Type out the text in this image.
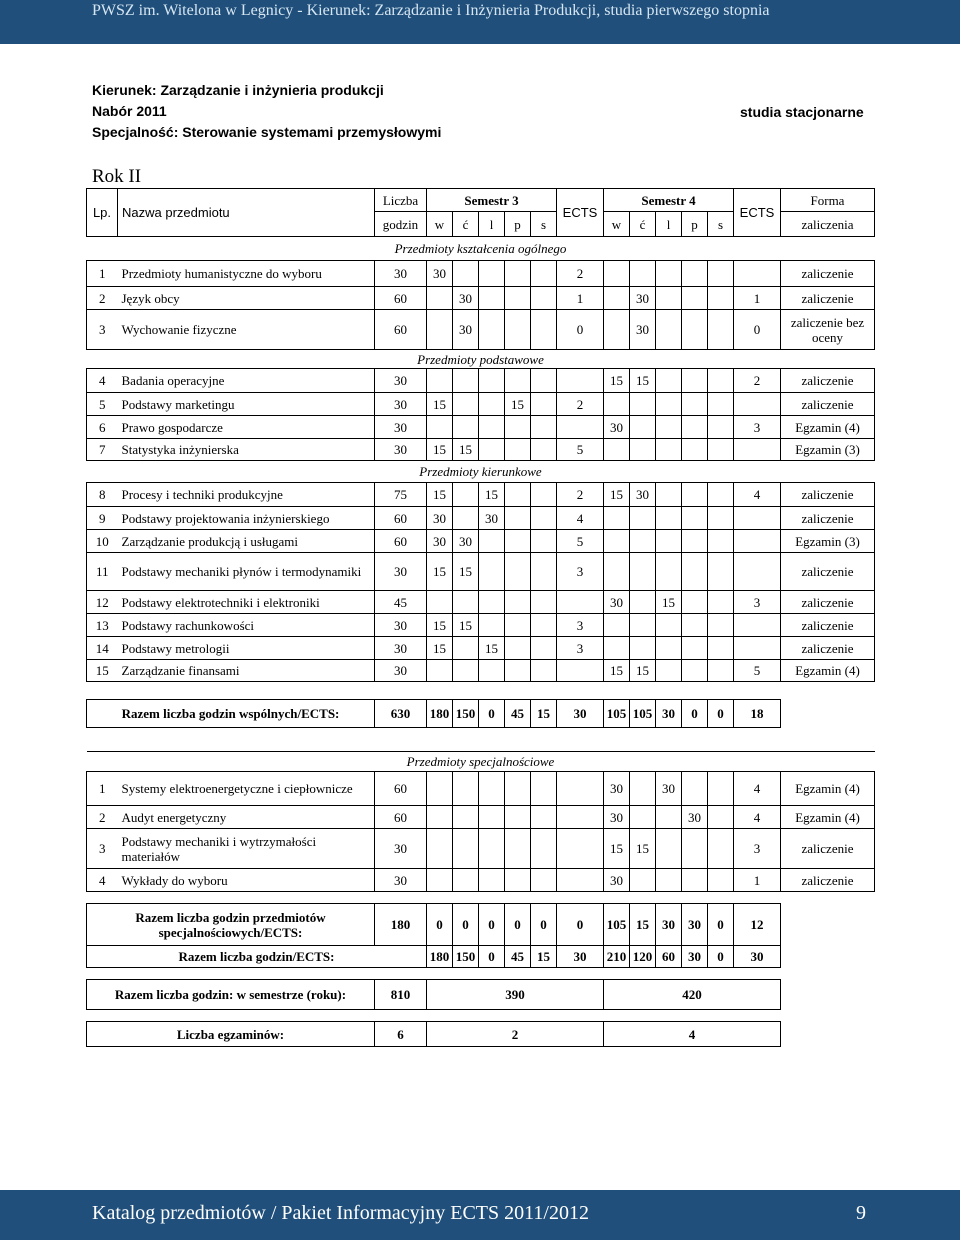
PWSZ im. Witelona w Legnicy - Kierunek: Zarządzanie i Inżynieria Produkcji, studia pierwszego stopnia
Kierunek: Zarządzanie i inżynieria produkcji
Nabór 2011
Specjalność: Sterowanie systemami przemysłowymi
studia stacjonarne
Rok II
Lp.	Nazwa przedmiotu	Liczba	Semestr 3					ECTS	Semestr 4					ECTS	Forma
		godzin	w	ć	l	p	s		w	ć	l	p	s		zaliczenia
Przedmioty kształcenia ogólnego															
1	Przedmioty humanistyczne do wyboru	30	30					2							zaliczenie
2	Język obcy	60		30				1		30				1	zaliczenie
3	Wychowanie fizyczne	60		30				0		30				0	zaliczenie bez oceny
Przedmioty podstawowe															
4	Badania operacyjne	30							15	15				2	zaliczenie
5	Podstawy marketingu	30	15			15		2							zaliczenie
6	Prawo gospodarcze	30							30					3	Egzamin (4)
7	Statystyka inżynierska	30	15	15				5							Egzamin (3)
Przedmioty kierunkowe															
8	Procesy i techniki produkcyjne	75	15		15			2	15	30				4	zaliczenie
9	Podstawy projektowania inżynierskiego	60	30		30			4							zaliczenie
10	Zarządzanie produkcją i usługami	60	30	30				5							Egzamin (3)
11	Podstawy mechaniki płynów i termodynamiki	30	15	15				3							zaliczenie
12	Podstawy elektrotechniki i elektroniki	45							30		15			3	zaliczenie
13	Podstawy rachunkowości	30	15	15				3							zaliczenie
14	Podstawy metrologii	30	15		15			3							zaliczenie
15	Zarządzanie finansami	30							15	15				5	Egzamin (4)

Razem liczba godzin wspólnych/ECTS:		630	180	150	0	45	15	30	105	105	30	0	0	18	

Przedmioty specjalnościowe															
1	Systemy elektroenergetyczne i ciepłownicze	60							30		30			4	Egzamin (4)
2	Audyt energetyczny	60							30			30		4	Egzamin (4)
3	Podstawy mechaniki i wytrzymałości materiałów	30							15	15				3	zaliczenie
4	Wykłady do wyboru	30							30					1	zaliczenie

Razem liczba godzin przedmiotów specjalnościowych/ECTS:		180	0	0	0	0	0	0	105	15	30	30	0	12	
Razem liczba godzin/ECTS:			180	150	0	45	15	30	210	120	60	30	0	30	

Razem liczba godzin: w semestrze (roku):		810	390						420						

Liczba egzaminów:		6	2						4						
Katalog przedmiotów / Pakiet Informacyjny ECTS 2011/2012	9
